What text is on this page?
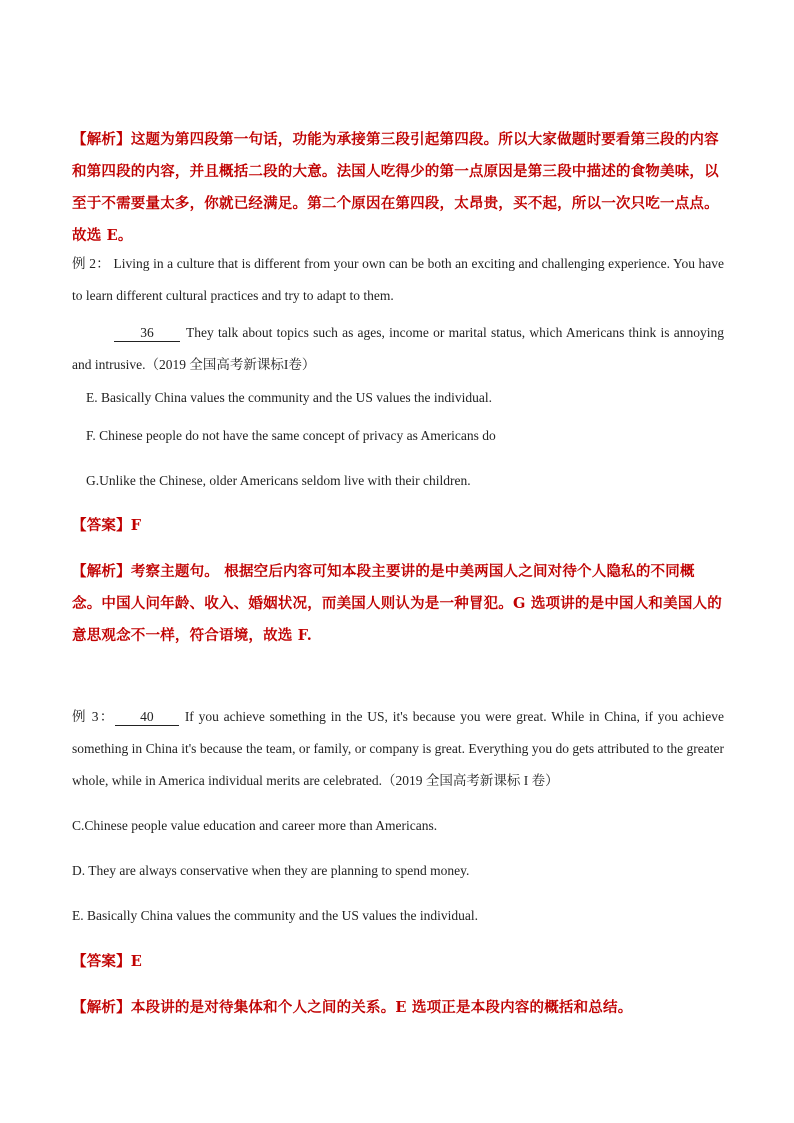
【解析】这题为第四段第一句话，功能为承接第三段引起第四段。所以大家做题时要看第三段的内容和第四段的内容，并且概括二段的大意。法国人吃得少的第一点原因是第三段中描述的食物美味，以至于不需要量太多，你就已经满足。第二个原因在第四段，太昂贵，买不起，所以一次只吃一点点。故选 E。
例 2： Living in a culture that is different from your own can be both an exciting and challenging experience. You have to learn different cultural practices and try to adapt to them.
36 They talk about topics such as ages, income or marital status, which Americans think is annoying and intrusive.（2019 全国高考新课标I卷）
E. Basically China values the community and the US values the individual.
F. Chinese people do not have the same concept of privacy as Americans do
G.Unlike the Chinese, older Americans seldom live with their children.
【答案】F
【解析】考察主题句。 根据空后内容可知本段主要讲的是中美两国人之间对待个人隐私的不同概念。中国人问年龄、收入、婚姻状况，而美国人则认为是一种冒犯。G 选项讲的是中国人和美国人的意思观念不一样，符合语境，故选 F.
例 3： 40 If you achieve something in the US, it's because you were great. While in China, if you achieve something in China it's because the team, or family, or company is great. Everything you do gets attributed to the greater whole, while in America individual merits are celebrated.（2019 全国高考新课标 I 卷）
C.Chinese people value education and career more than Americans.
D. They are always conservative when they are planning to spend money.
E. Basically China values the community and the US values the individual.
【答案】E
【解析】本段讲的是对待集体和个人之间的关系。E 选项正是本段内容的概括和总结。
